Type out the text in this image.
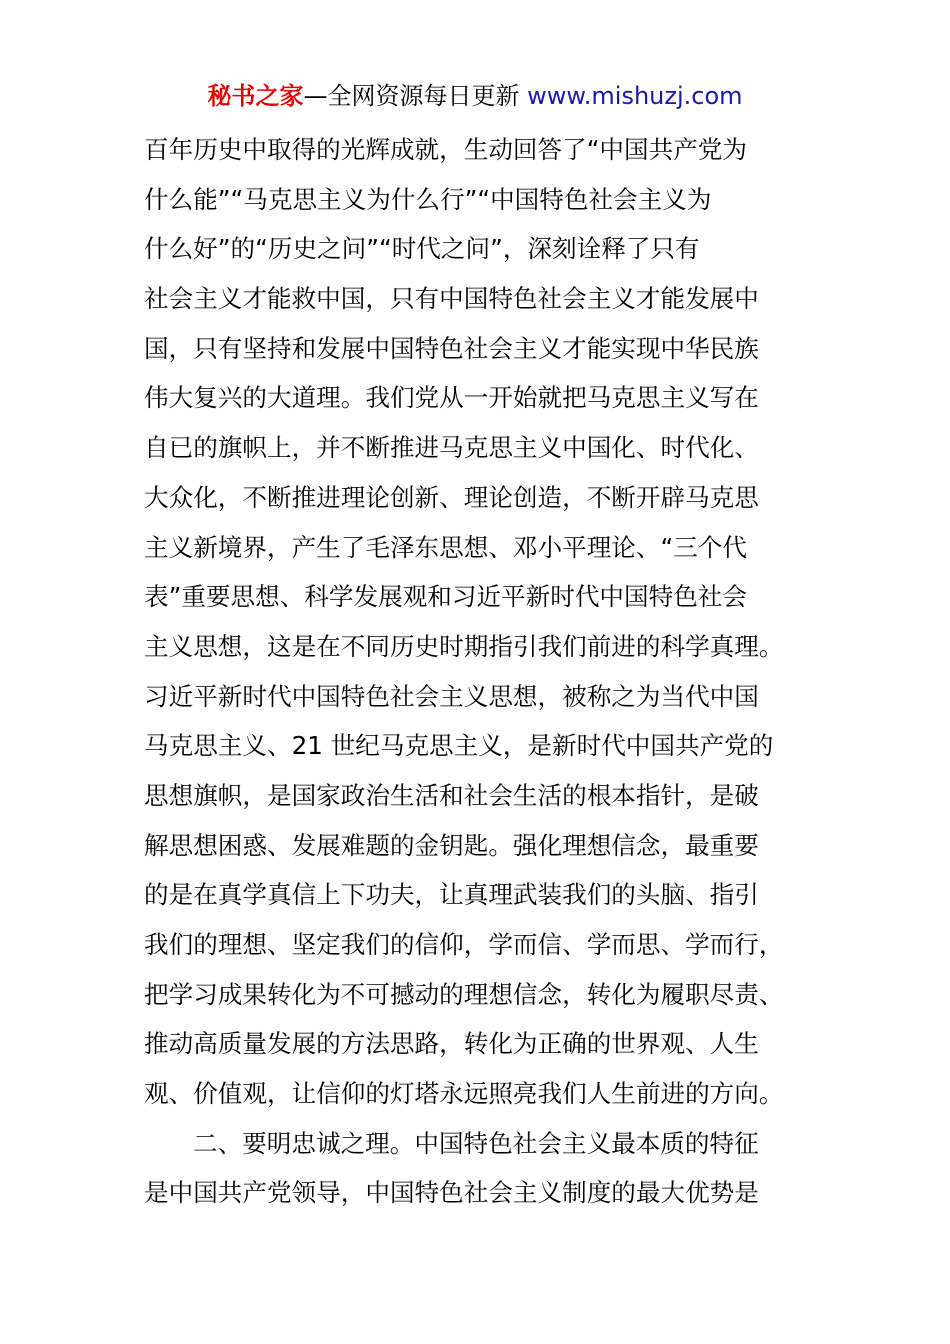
秘书之家—全网资源每日更新 www.mishuzj.com
百年历史中取得的光辉成就，生动回答了“中国共产党为
什么能”“马克思主义为什么行”“中国特色社会主义为
什么好”的“历史之问”“时代之问”，深刻诠释了只有
社会主义才能救中国，只有中国特色社会主义才能发展中
国，只有坚持和发展中国特色社会主义才能实现中华民族
伟大复兴的大道理。我们党从一开始就把马克思主义写在
自已的旗帜上，并不断推进马克思主义中国化、时代化、
大众化，不断推进理论创新、理论创造，不断开辟马克思
主义新境界，产生了毛泽东思想、邓小平理论、“三个代
表”重要思想、科学发展观和习近平新时代中国特色社会
主义思想，这是在不同历史时期指引我们前进的科学真理。
习近平新时代中国特色社会主义思想，被称之为当代中国
马克思主义、21 世纪马克思主义，是新时代中国共产党的
思想旗帜，是国家政治生活和社会生活的根本指针，是破
解思想困惑、发展难题的金钥匙。强化理想信念，最重要
的是在真学真信上下功夫，让真理武装我们的头脑、指引
我们的理想、坚定我们的信仰，学而信、学而思、学而行，
把学习成果转化为不可撼动的理想信念，转化为履职尽责、
推动高质量发展的方法思路，转化为正确的世界观、人生
观、价值观，让信仰的灯塔永远照亮我们人生前进的方向。
二、要明忠诚之理。中国特色社会主义最本质的特征
是中国共产党领导，中国特色社会主义制度的最大优势是
